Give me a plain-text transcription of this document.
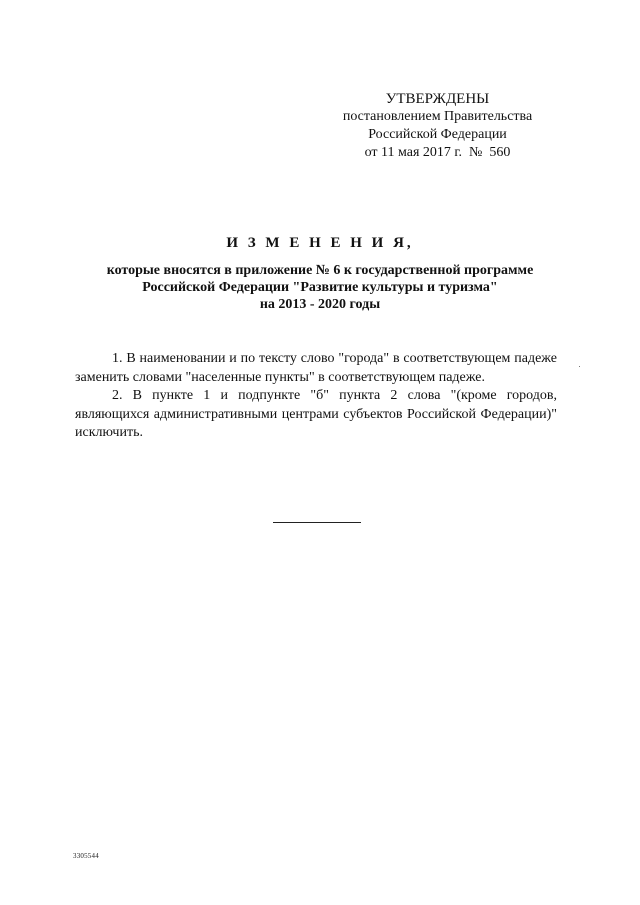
УТВЕРЖДЕНЫ
постановлением Правительства
Российской Федерации
от 11 мая 2017 г.  №  560
И З М Е Н Е Н И Я,
которые вносятся в приложение № 6 к государственной программе
Российской Федерации "Развитие культуры и туризма"
на 2013 - 2020 годы

1. В наименовании и по тексту слово "города" в соответствующем падеже заменить словами "населенные пункты" в соответствующем падеже.

2. В пункте 1 и подпункте "б" пункта 2 слова "(кроме городов, являющихся административными центрами субъектов Российской Федерации)" исключить.

3305544
